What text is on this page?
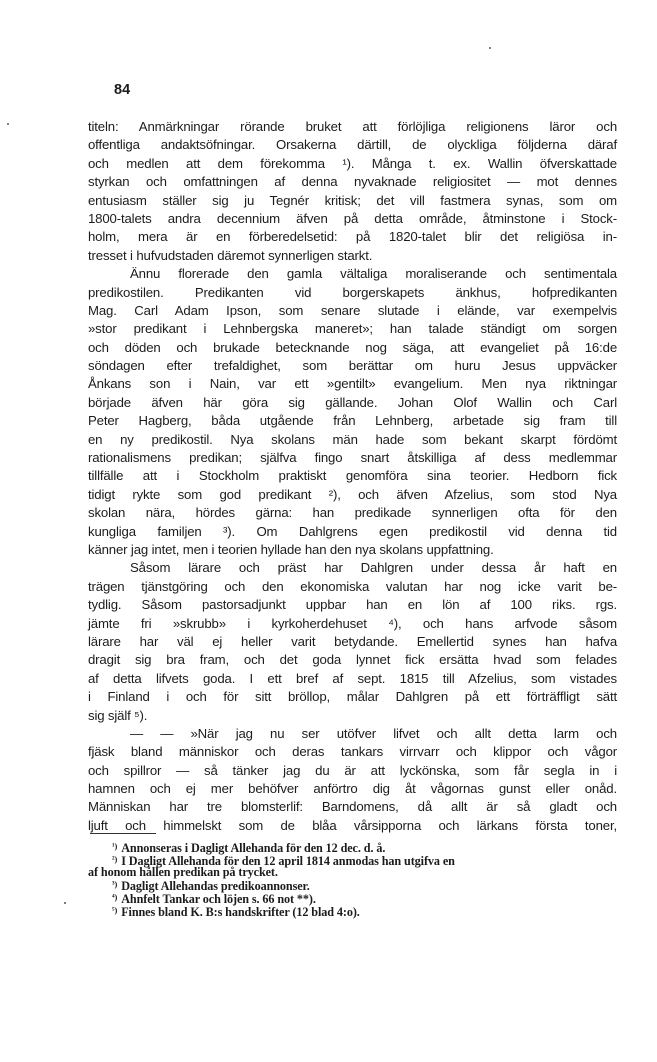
84
titeln: Anmärkningar rörande bruket att förlöjliga religionens läror och
offentliga andaktsöfningar. Orsakerna därtill, de olyckliga följderna däraf
och medlen att dem förekomma ¹). Många t. ex. Wallin öfverskattade
styrkan och omfattningen af denna nyvaknade religiositet — mot dennes
entusiasm ställer sig ju Tegnér kritisk; det vill fastmera synas, som om
1800-talets andra decennium äfven på detta område, åtminstone i Stock-
holm, mera är en förberedelsetid: på 1820-talet blir det religiösa in-
tresset i hufvudstaden däremot synnerligen starkt.
Ännu florerade den gamla vältaliga moraliserande och sentimentala
predikostilen. Predikanten vid borgerskapets änkhus, hofpredikanten
Mag. Carl Adam Ipson, som senare slutade i elände, var exempelvis
»stor predikant i Lehnbergska maneret»; han talade ständigt om sorgen
och döden och brukade betecknande nog säga, att evangeliet på 16:de
söndagen efter trefaldighet, som berättar om huru Jesus uppväcker
Ånkans son i Nain, var ett »gentilt» evangelium. Men nya riktningar
började äfven här göra sig gällande. Johan Olof Wallin och Carl
Peter Hagberg, båda utgående från Lehnberg, arbetade sig fram till
en ny predikostil. Nya skolans män hade som bekant skarpt fördömt
rationalismens predikan; själfva fingo snart åtskilliga af dess medlemmar
tillfälle att i Stockholm praktiskt genomföra sina teorier. Hedborn fick
tidigt rykte som god predikant ²), och äfven Afzelius, som stod Nya
skolan nära, hördes gärna: han predikade synnerligen ofta för den
kungliga familjen ³). Om Dahlgrens egen predikostil vid denna tid
känner jag intet, men i teorien hyllade han den nya skolans uppfattning.
Såsom lärare och präst har Dahlgren under dessa år haft en
trägen tjänstgöring och den ekonomiska valutan har nog icke varit be-
tydlig. Såsom pastorsadjunkt uppbar han en lön af 100 riks. rgs.
jämte fri »skrubb» i kyrkoherdehuset ⁴), och hans arfvode såsom
lärare har väl ej heller varit betydande. Emellertid synes han hafva
dragit sig bra fram, och det goda lynnet fick ersätta hvad som felades
af detta lifvets goda. I ett bref af sept. 1815 till Afzelius, som vistades
i Finland i och för sitt bröllop, målar Dahlgren på ett förträffligt sätt
sig själf ⁵).
— — »När jag nu ser utöfver lifvet och allt detta larm och
fjäsk bland människor och deras tankars virrvarr och klippor och vågor
och spillror — så tänker jag du är att lyckönska, som får segla in i
hamnen och ej mer behöfver anförtro dig åt vågornas gunst eller onåd.
Människan har tre blomsterlif: Barndomens, då allt är så gladt och
ljuft och himmelskt som de blåa vårsipporna och lärkans första toner,
$^{^1)}$ Annonseras i Dagligt Allehanda för den 12 dec. d. å.
$^{^2)}$ I Dagligt Allehanda för den 12 april 1814 anmodas han utgifva en
af honom hållen predikan på trycket.
$^{^3)}$ Dagligt Allehandas predikoannonser.
$^{^4)}$ Ahnfelt Tankar och löjen s. 66 not **).
$^{^5)}$ Finnes bland K. B:s handskrifter (12 blad 4:o).
